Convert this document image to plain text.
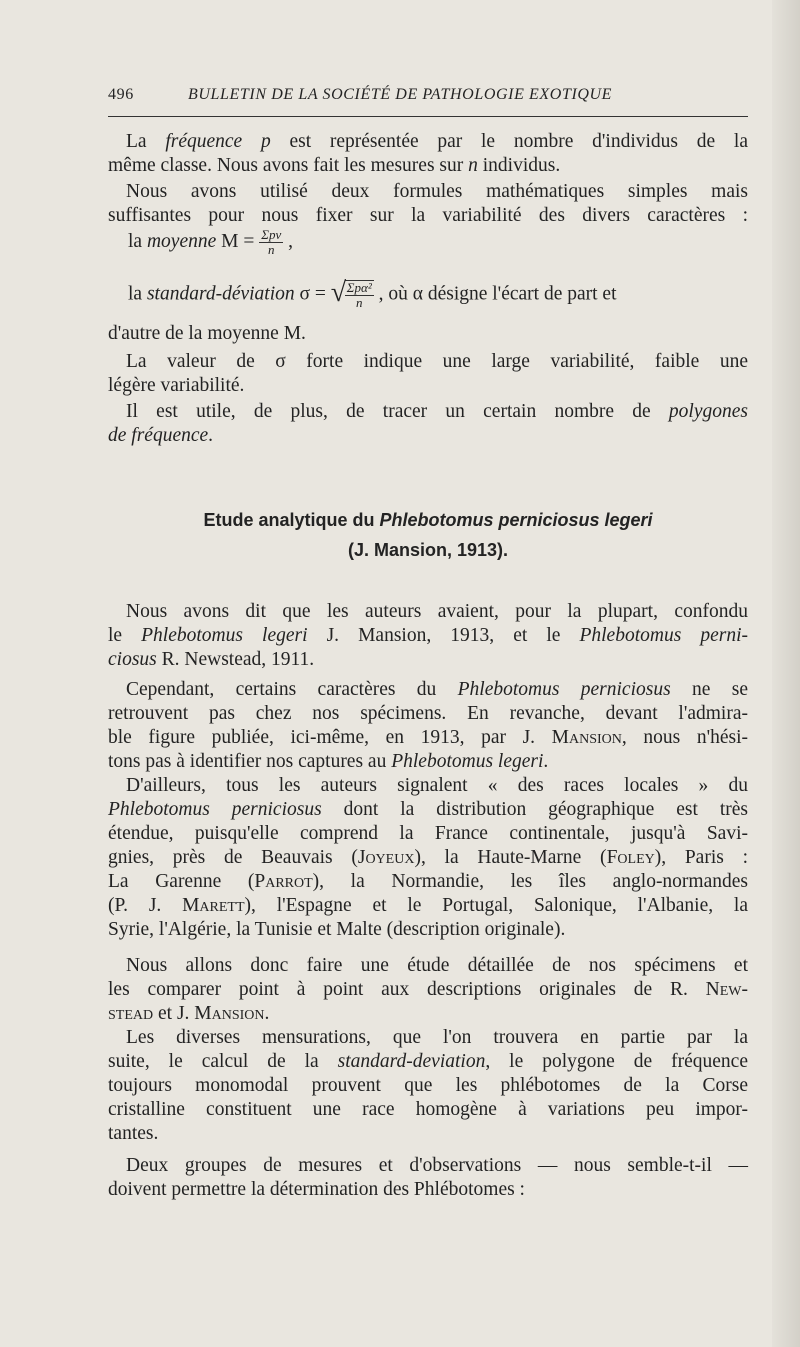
496	BULLETIN DE LA SOCIÉTÉ DE PATHOLOGIE EXOTIQUE
La fréquence p est représentée par le nombre d'individus de la
même classe. Nous avons fait les mesures sur n individus.
Nous avons utilisé deux formules mathématiques simples mais
suffisantes pour nous fixer sur la variabilité des divers caractères :
la moyenne $M = \frac{\text{Σpv}}{n}$ ,
la standard-déviation σ = √
$\frac{\text{Σpα²}}{n}$ , où α désigne l'écart de part et
d'autre de la moyenne M.
La valeur de σ forte indique une large variabilité, faible une
légère variabilité.
Il est utile, de plus, de tracer un certain nombre de polygones
de fréquence.
Etude analytique du Phlebotomus perniciosus legeri
(J. Mansion, 1913).
Nous avons dit que les auteurs avaient, pour la plupart, confondu
le Phlebotomus legeri J. Mansion, 1913, et le Phlebotomus perni-
ciosus R. Newstead, 1911.
Cependant, certains caractères du Phlebotomus perniciosus ne se
retrouvent pas chez nos spécimens. En revanche, devant l'admira-
ble figure publiée, ici-même, en 1913, par J. Mansion, nous n'hési-
tons pas à identifier nos captures au Phlebotomus legeri.
D'ailleurs, tous les auteurs signalent « des races locales » du
Phlebotomus perniciosus dont la distribution géographique est très
étendue, puisqu'elle comprend la France continentale, jusqu'à Savi-
gnies, près de Beauvais (Joyeux), la Haute-Marne (Foley), Paris :
La Garenne (Parrot), la Normandie, les îles anglo-normandes
(P. J. Marett), l'Espagne et le Portugal, Salonique, l'Albanie, la
Syrie, l'Algérie, la Tunisie et Malte (description originale).
Nous allons donc faire une étude détaillée de nos spécimens et
les comparer point à point aux descriptions originales de R. New-
stead et J. Mansion.
Les diverses mensurations, que l'on trouvera en partie par la
suite, le calcul de la standard-deviation, le polygone de fréquence
toujours monomodal prouvent que les phlébotomes de la Corse
cristalline constituent une race homogène à variations peu impor-
tantes.
Deux groupes de mesures et d'observations — nous semble-t-il —
doivent permettre la détermination des Phlébotomes :
